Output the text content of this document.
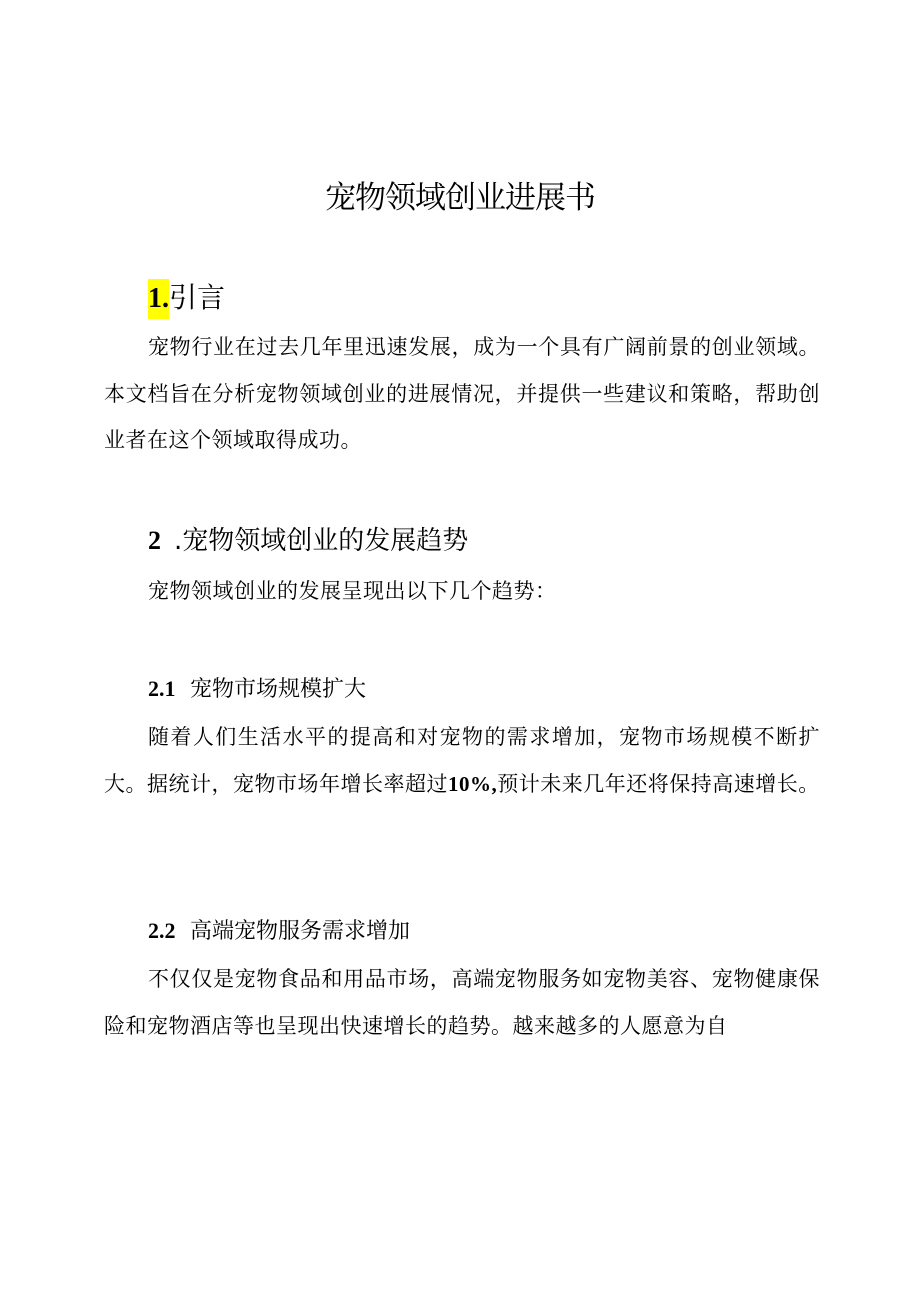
宠物领域创业进展书
1.引言

宠物行业在过去几年里迅速发展，成为一个具有广阔前景的创业领域。本文档旨在分析宠物领域创业的进展情况，并提供一些建议和策略，帮助创业者在这个领域取得成功。

2 .宠物领域创业的发展趋势

宠物领域创业的发展呈现出以下几个趋势：

2.1 宠物市场规模扩大

随着人们生活水平的提高和对宠物的需求增加，宠物市场规模不断扩大。据统计，宠物市场年增长率超过10%,预计未来几年还将保持高速增长。

2.2 高端宠物服务需求增加

不仅仅是宠物食品和用品市场，高端宠物服务如宠物美容、宠物健康保险和宠物酒店等也呈现出快速增长的趋势。越来越多的人愿意为自
